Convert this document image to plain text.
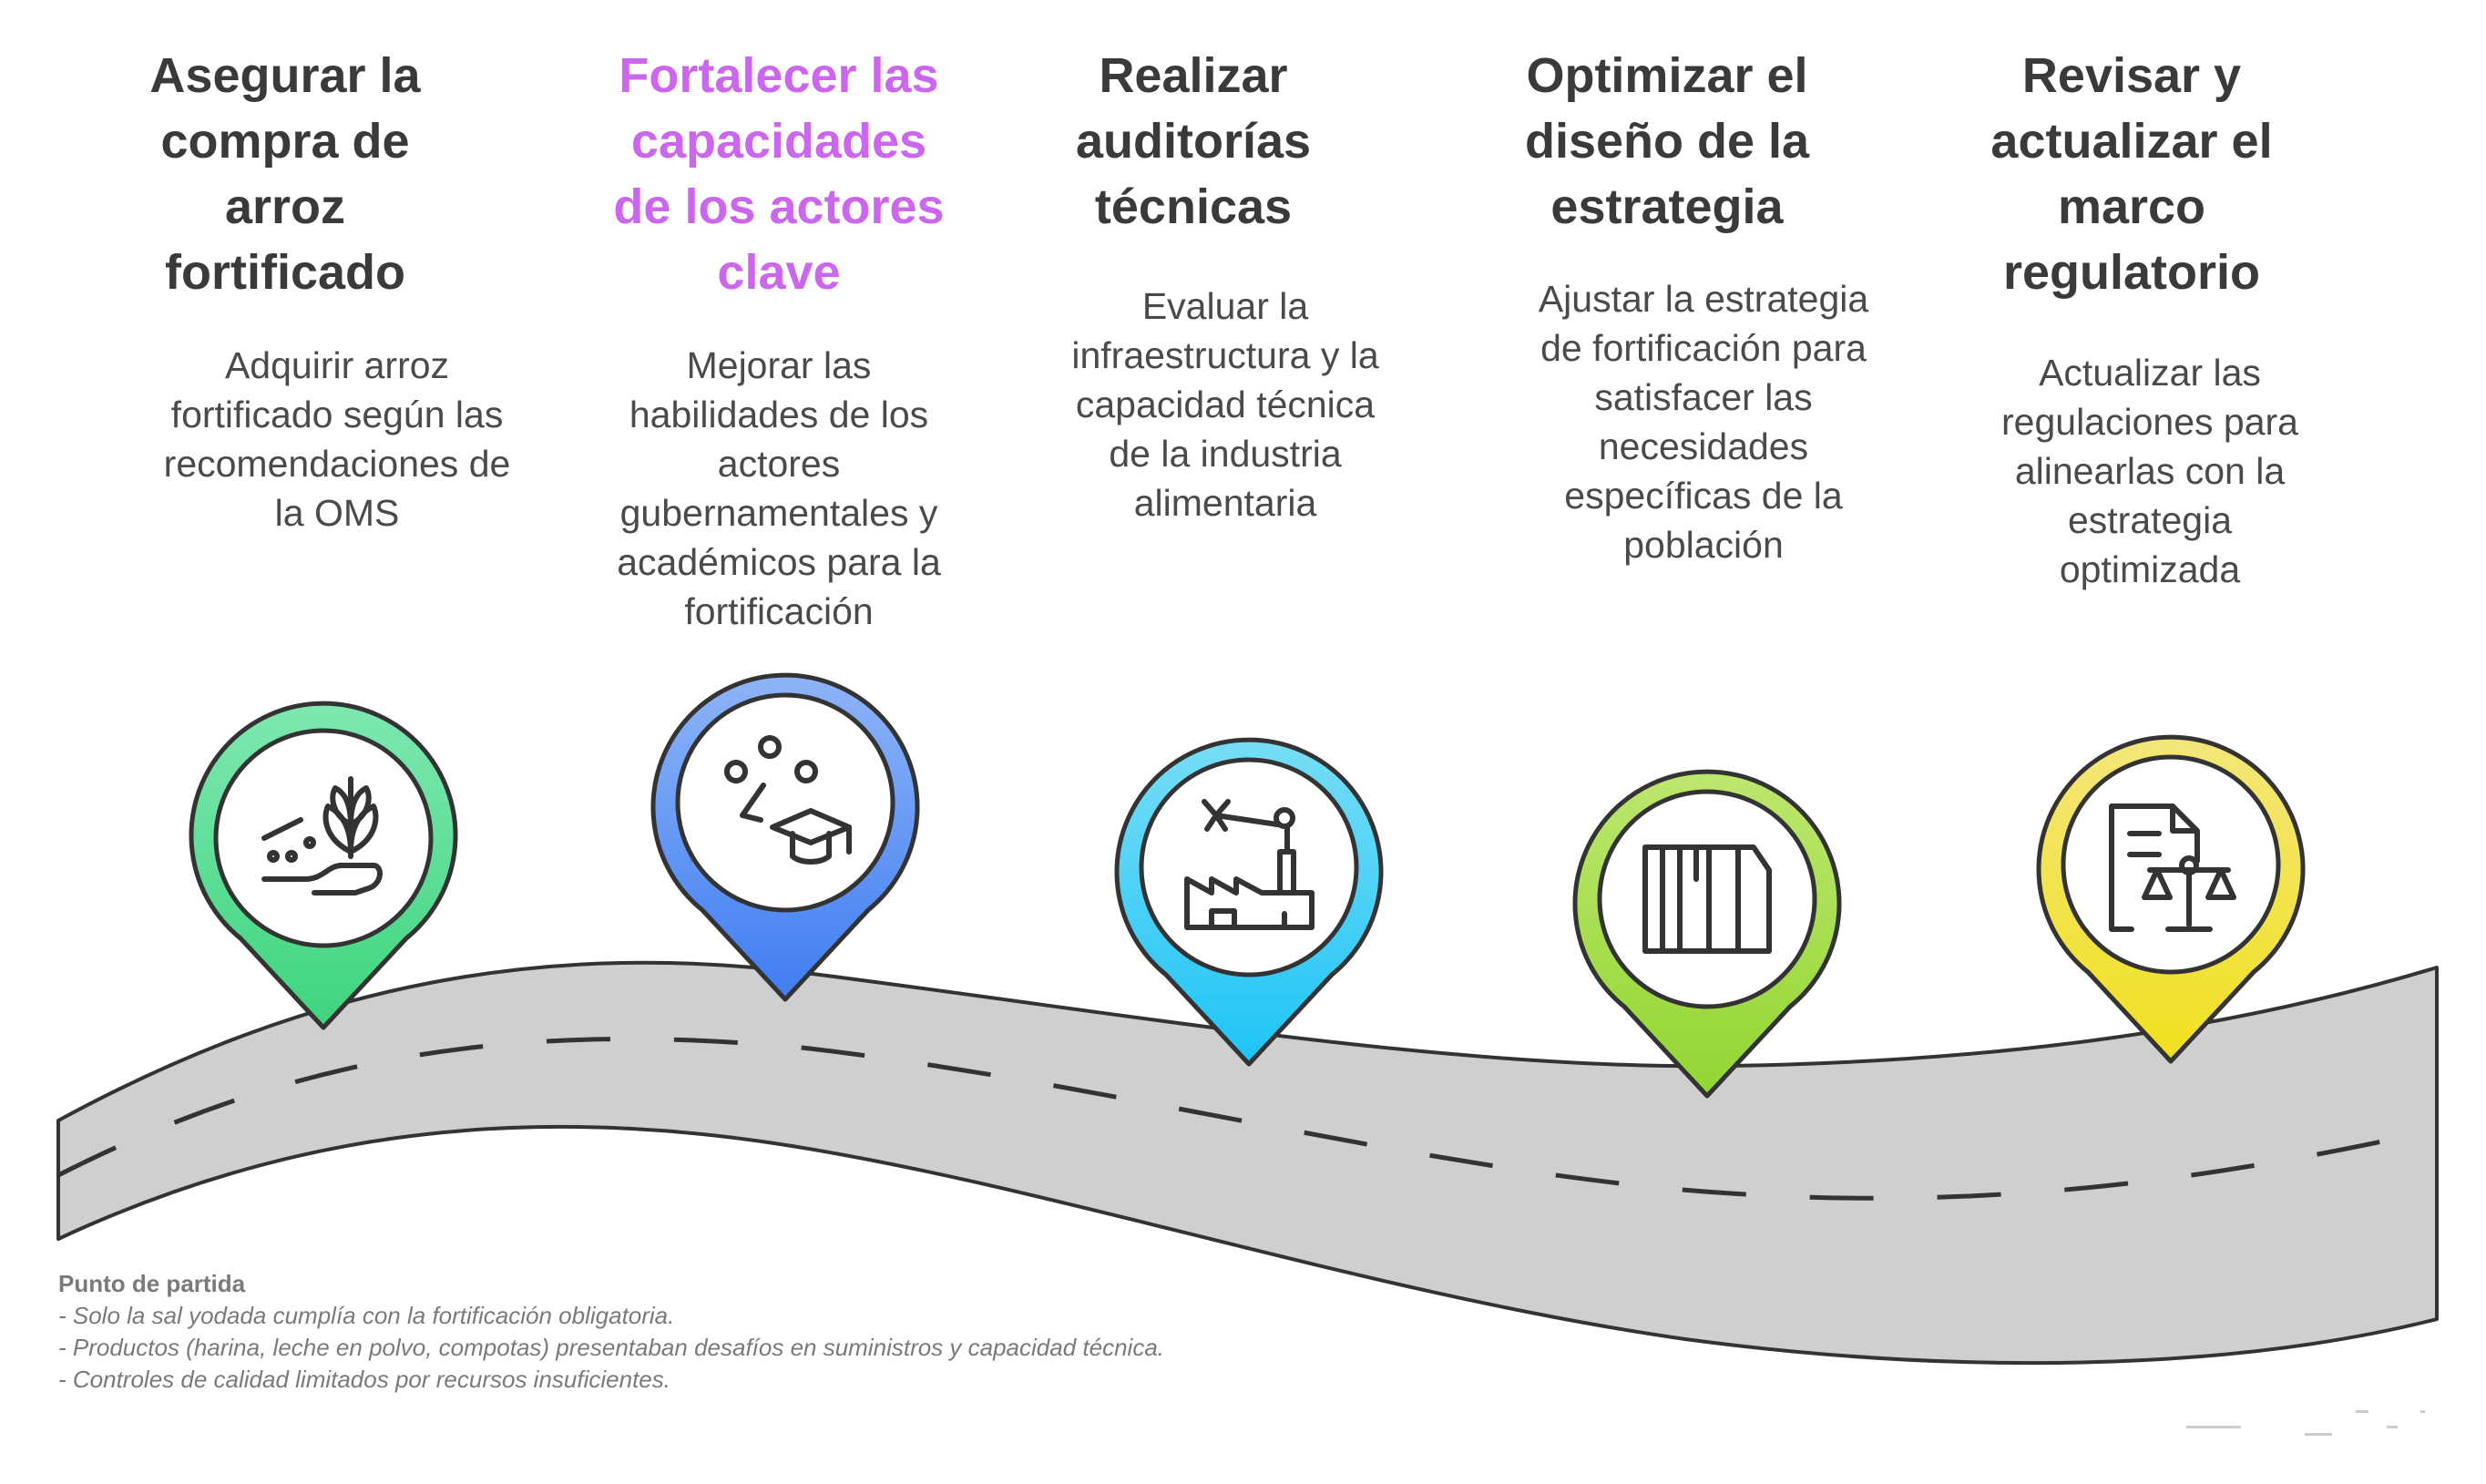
Asegurar la
compra de
arroz
fortificado
Adquirir arroz
fortificado según las
recomendaciones de
la OMS
Fortalecer las
capacidades
de los actores
clave
Mejorar las
habilidades de los
actores
gubernamentales y
académicos para la
fortificación
Realizar
auditorías
técnicas
Evaluar la
infraestructura y la
capacidad técnica
de la industria
alimentaria
Optimizar el
diseño de la
estrategia
Ajustar la estrategia
de fortificación para
satisfacer las
necesidades
específicas de la
población
Revisar y
actualizar el
marco
regulatorio
Actualizar las
regulaciones para
alinearlas con la
estrategia
optimizada
Punto de partida
- Solo la sal yodada cumplía con la fortificación obligatoria.
- Productos (harina, leche en polvo, compotas) presentaban desafíos en suministros y capacidad técnica.
- Controles de calidad limitados por recursos insuficientes.
